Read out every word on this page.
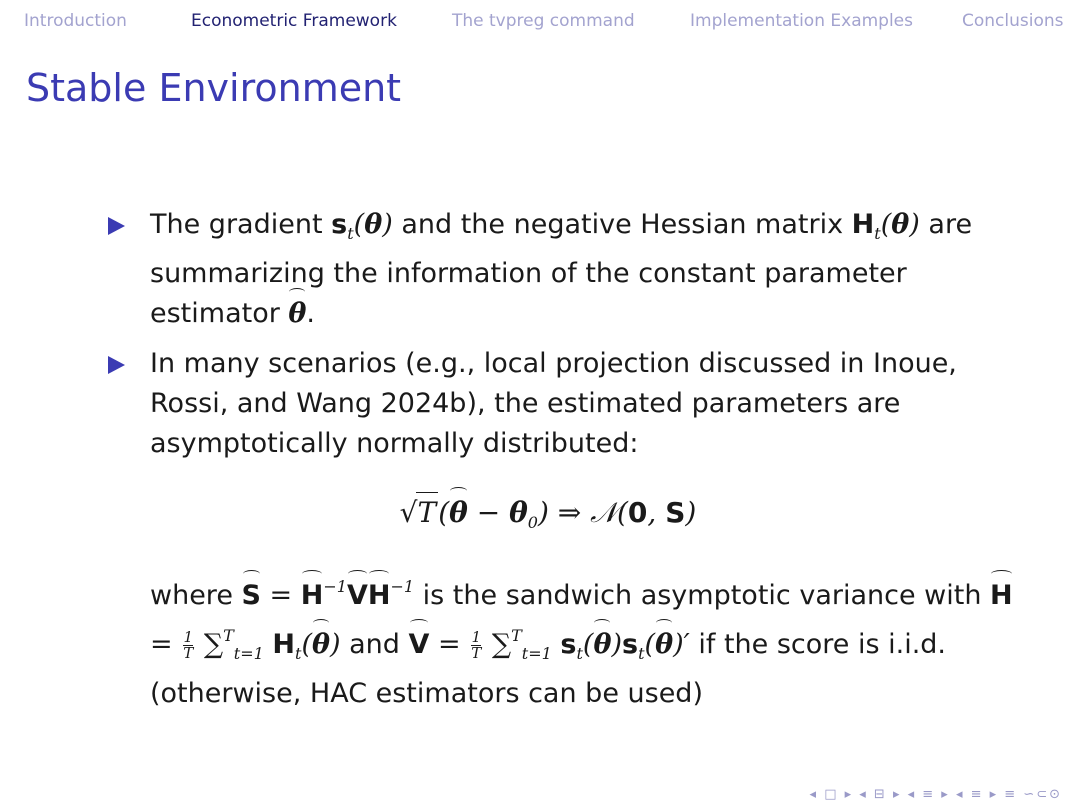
Introduction	Econometric Framework	The tvpreg command	Implementation Examples	Conclusions
Stable Environment
The gradient $s_t(\theta)$ and the negative Hessian matrix $H_t(\theta)$ are summarizing the information of the constant parameter estimator θ.
In many scenarios (e.g., local projection discussed in Inoue, Rossi, and Wang 2024b), the estimated parameters are asymptotically normally distributed:
$√T(\theta - \theta_0)$ ⇒ 𝒩(0, S)
where $S = H^{-1}VH^{-1}$ is the sandwich asymptotic variance with $H = \frac{1}{T} \sum^T_{t=1}$ $H_t(\theta)$ and $V = \frac{1}{T} \sum^T_{t=1}$ $s_t(\theta)s_t(\theta)'$ if the score is i.i.d. (otherwise, HAC estimators can be used)
◂ □ ▸ ◂ ⊟ ▸ ◂ ≡ ▸ ◂ ≡ ▸ ≡ ∽⊂⊙
